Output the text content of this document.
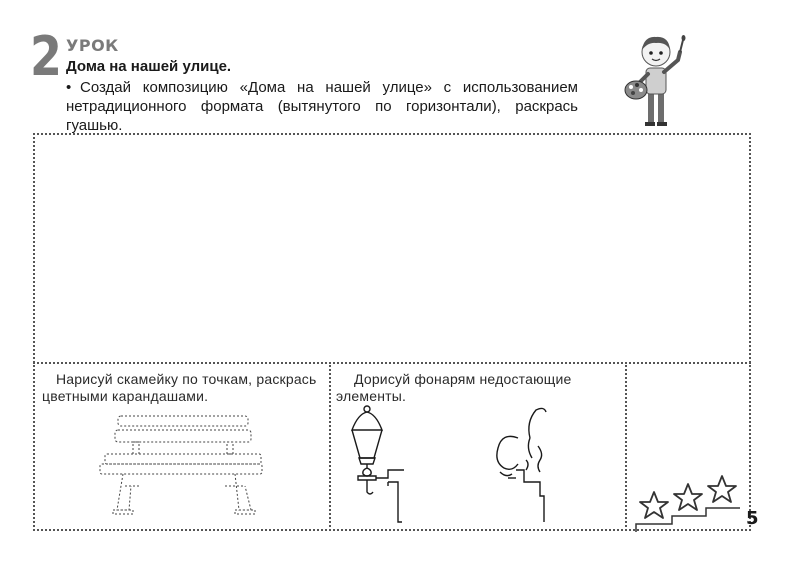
2 УРОК
Дома на нашей улице.
• Создай композицию «Дома на нашей улице» с использованием нетрадиционного формата (вытянутого по горизонтали), раскрась гуашью.
Нарисуй скамейку по точкам, раскрась
цветными карандашами.
Дорисуй фонарям недостающие
элементы.
5
